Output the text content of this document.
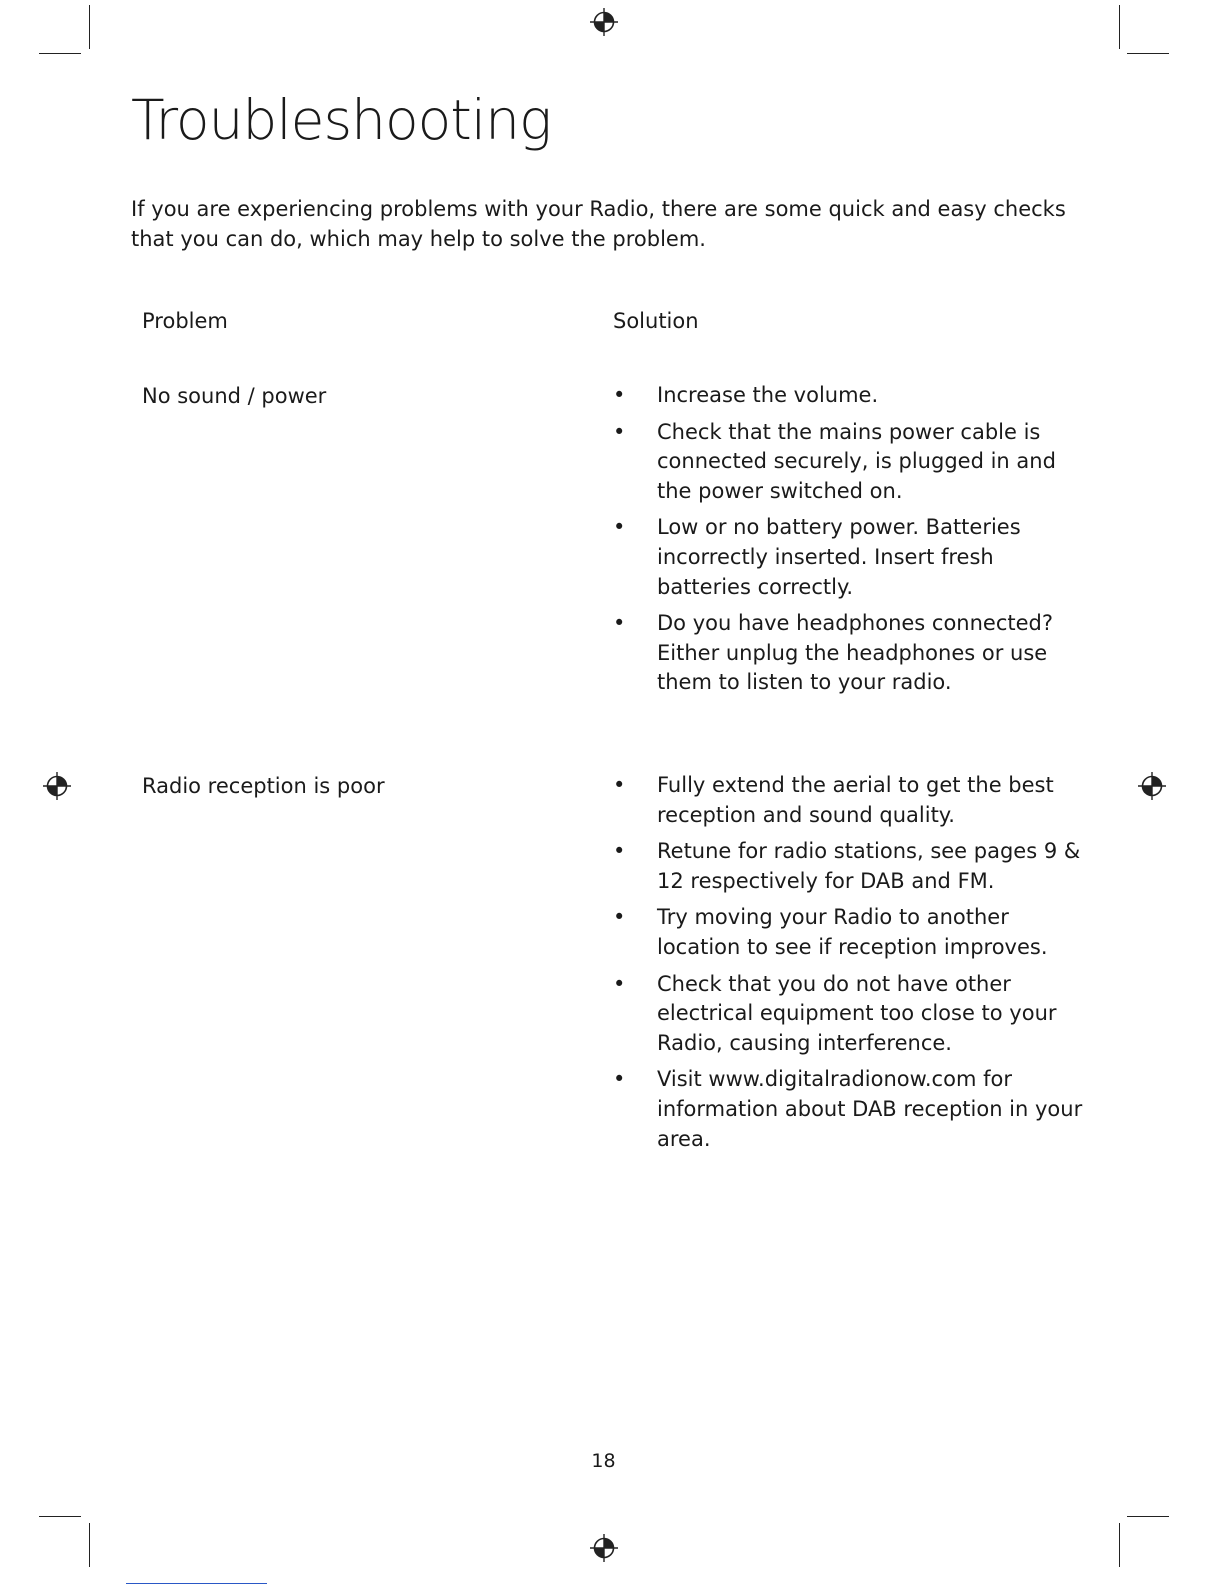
Troubleshooting

If you are experiencing problems with your Radio, there are some quick and easy checks that you can do, which may help to solve the problem.

Problem	Solution

No sound / power	• Increase the volume.
• Check that the mains power cable is connected securely, is plugged in and the power switched on.
• Low or no battery power. Batteries incorrectly inserted. Insert fresh batteries correctly.
• Do you have headphones connected? Either unplug the headphones or use them to listen to your radio.

Radio reception is poor	• Fully extend the aerial to get the best reception and sound quality.
• Retune for radio stations, see pages 9 & 12 respectively for DAB and FM.
• Try moving your Radio to another location to see if reception improves.
• Check that you do not have other electrical equipment too close to your Radio, causing interference.
• Visit www.digitalradionow.com for information about DAB reception in your area.

18
